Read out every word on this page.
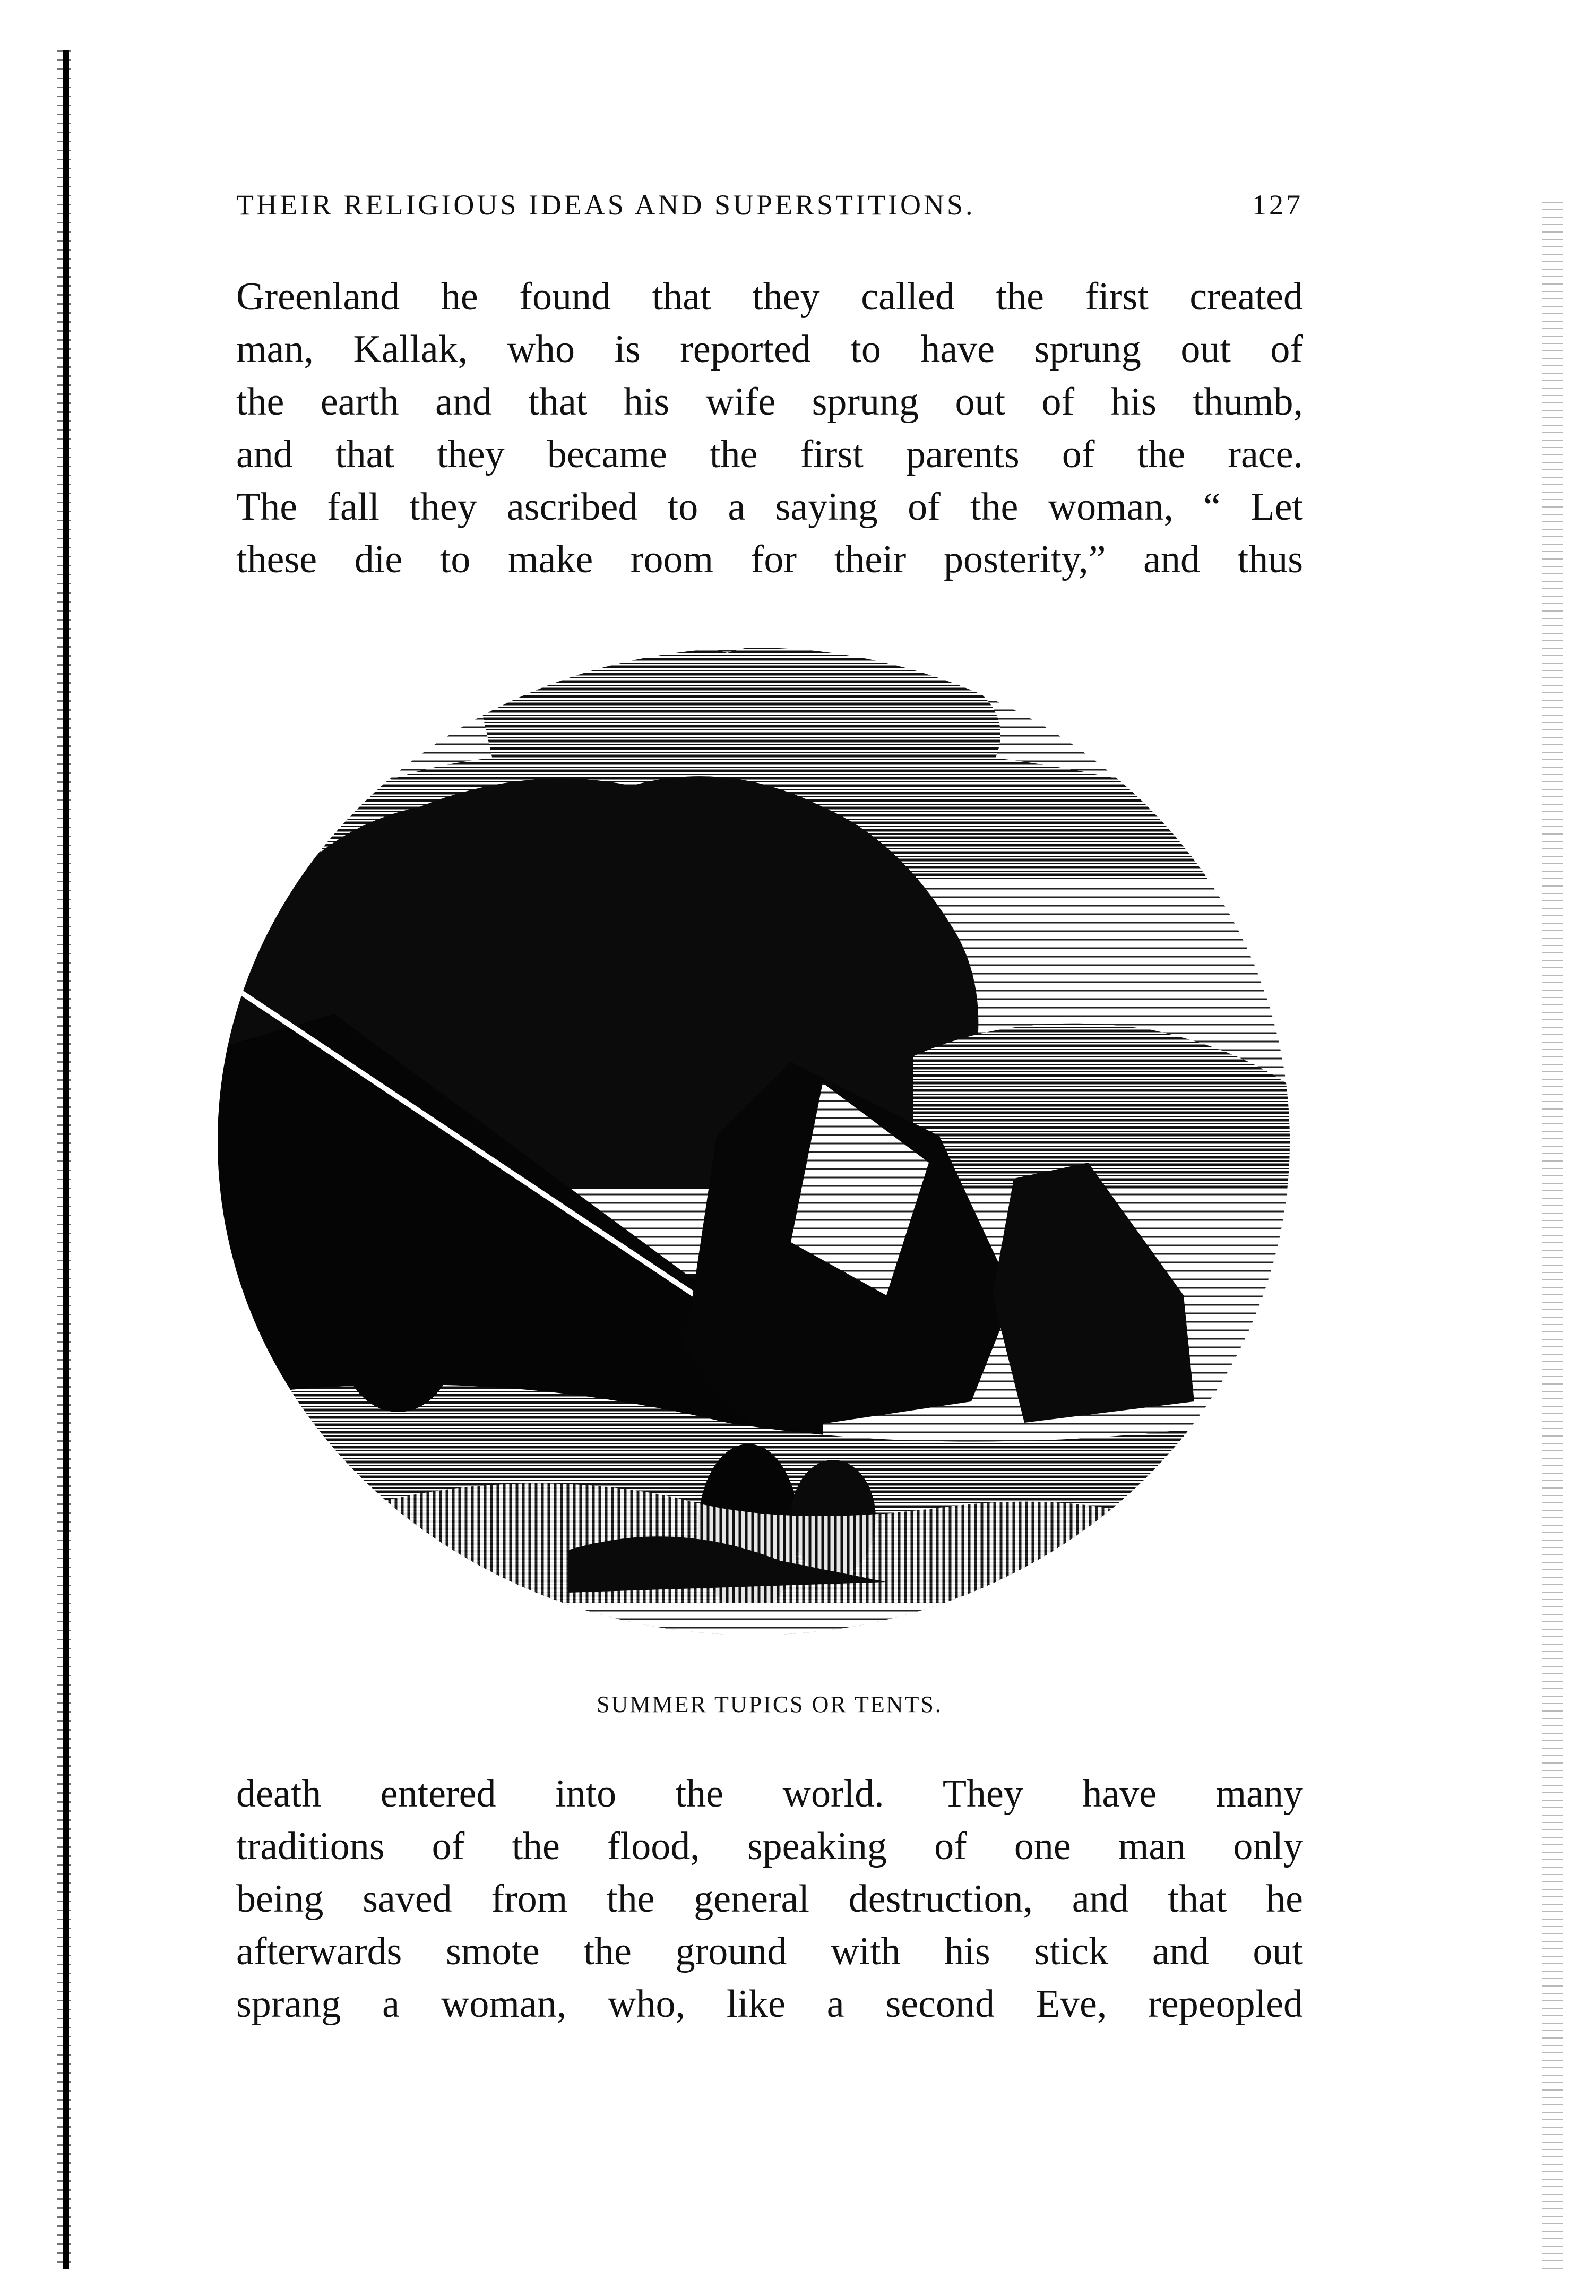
THEIR RELIGIOUS IDEAS AND SUPERSTITIONS.	127
Greenland he found that they called the first created
man, Kallak, who is reported to have sprung out of
the earth and that his wife sprung out of his thumb,
and that they became the first parents of the race.
The fall they ascribed to a saying of the woman, “ Let
these die to make room for their posterity,” and thus
SUMMER TUPICS OR TENTS.
death entered into the world. They have many
traditions of the flood, speaking of one man only
being saved from the general destruction, and that he
afterwards smote the ground with his stick and out
sprang a woman, who, like a second Eve, repeopled
